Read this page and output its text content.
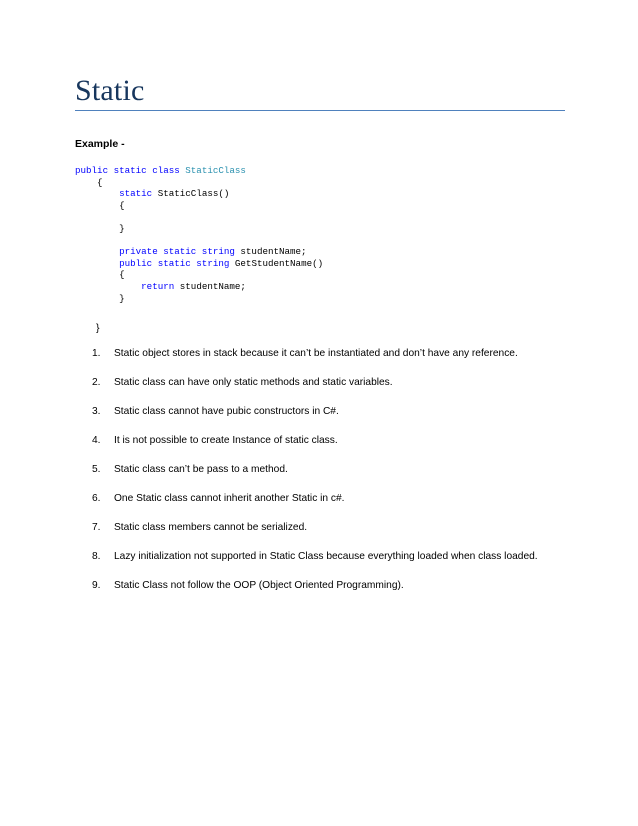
Static
Example -
public static class StaticClass
{
static StaticClass()
{
}
private static string studentName;
public static string GetStudentName()
{
return studentName;
}
}
1.	Static object stores in stack because it can’t be instantiated and don’t have any reference.
2.	Static class can have only static methods and static variables.
3.	Static class cannot have pubic constructors in C#.
4.	It is not possible to create Instance of static class.
5.	Static class can’t be pass to a method.
6.	One Static class cannot inherit another Static in c#.
7.	Static class members cannot be serialized.
8.	Lazy initialization not supported in Static Class because everything loaded when class loaded.
9.	Static Class not follow the OOP (Object Oriented Programming).
